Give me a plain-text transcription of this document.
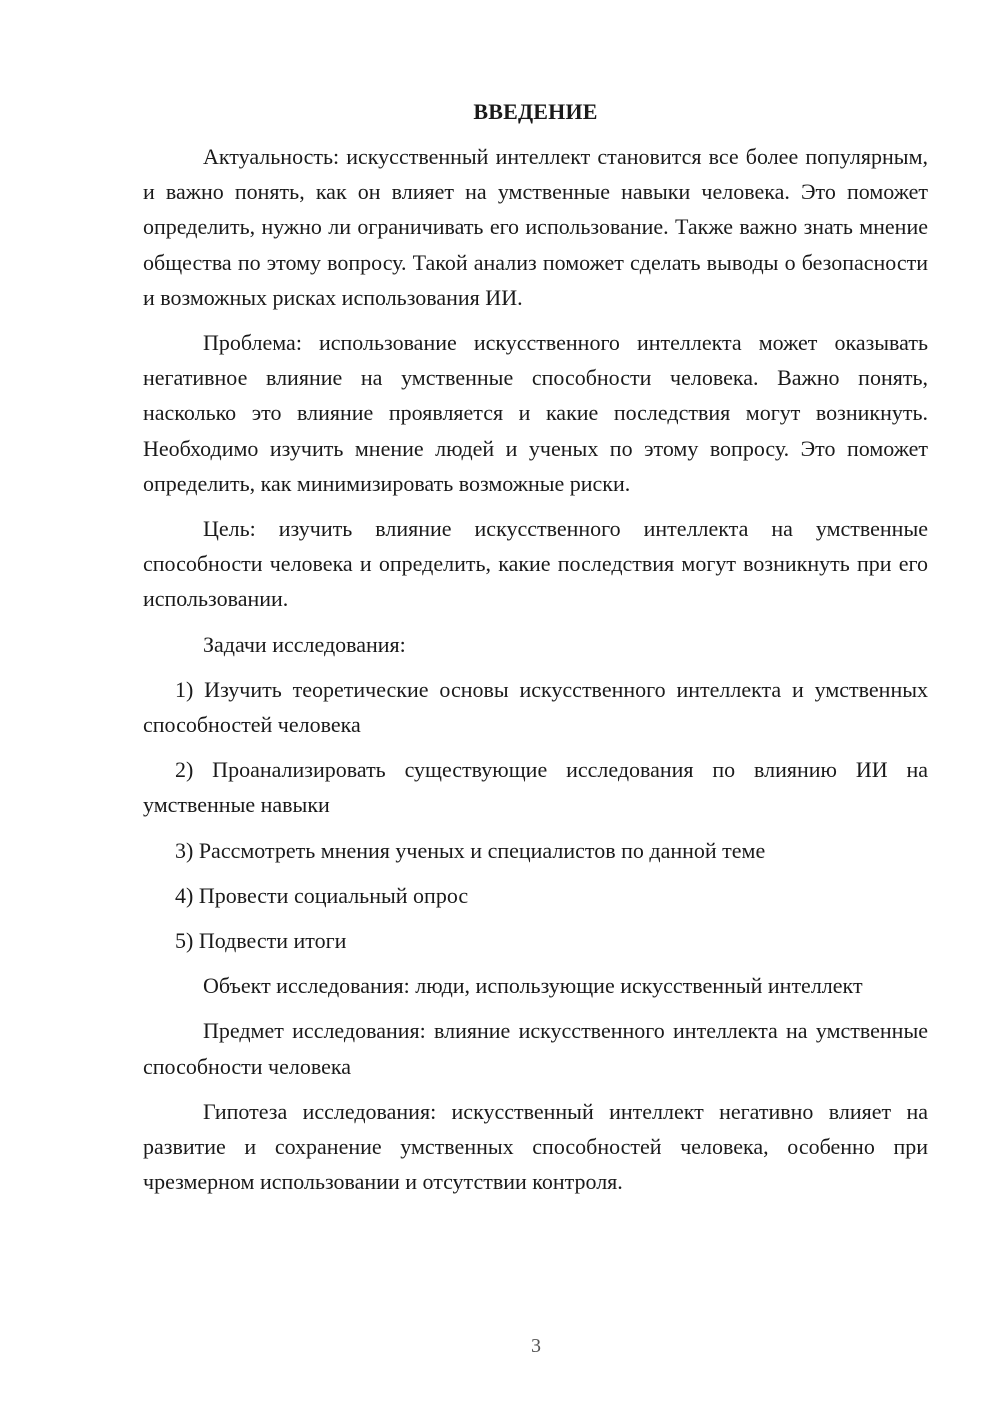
ВВЕДЕНИЕ

Актуальность: искусственный интеллект становится все более популярным, и важно понять, как он влияет на умственные навыки человека. Это поможет определить, нужно ли ограничивать его использование. Также важно знать мнение общества по этому вопросу. Такой анализ поможет сделать выводы о безопасности и возможных рисках использования ИИ.

Проблема: использование искусственного интеллекта может оказывать негативное влияние на умственные способности человека. Важно понять, насколько это влияние проявляется и какие последствия могут возникнуть. Необходимо изучить мнение людей и ученых по этому вопросу. Это поможет определить, как минимизировать возможные риски.

Цель: изучить влияние искусственного интеллекта на умственные способности человека и определить, какие последствия могут возникнуть при его использовании.

Задачи исследования:

1) Изучить теоретические основы искусственного интеллекта и умственных способностей человека

2) Проанализировать существующие исследования по влиянию ИИ на умственные навыки

3) Рассмотреть мнения ученых и специалистов по данной теме

4) Провести социальный опрос

5) Подвести итоги

Объект исследования: люди, использующие искусственный интеллект

Предмет исследования: влияние искусственного интеллекта на умственные способности человека

Гипотеза исследования: искусственный интеллект негативно влияет на развитие и сохранение умственных способностей человека, особенно при чрезмерном использовании и отсутствии контроля.

3
